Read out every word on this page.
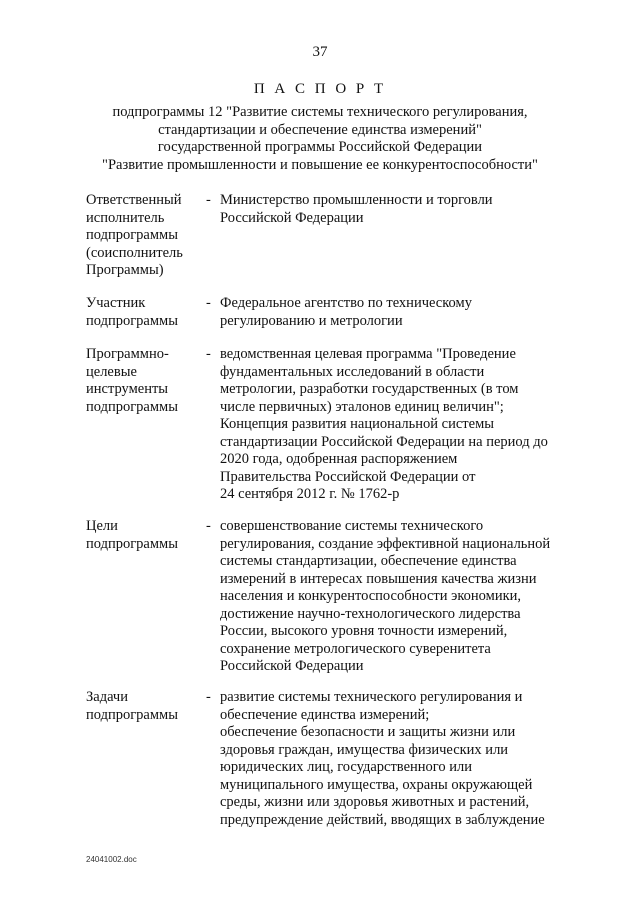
37
П А С П О Р Т
подпрограммы 12 "Развитие системы технического регулирования,
стандартизации и обеспечение единства измерений"
государственной программы Российской Федерации
"Развитие промышленности и повышение ее конкурентоспособности"
Ответственный
исполнитель
подпрограммы
(соисполнитель
Программы)
- Министерство промышленности и торговли
Российской Федерации
Участник
подпрограммы
- Федеральное агентство по техническому
регулированию и метрологии
Программно-
целевые
инструменты
подпрограммы
- ведомственная целевая программа "Проведение
фундаментальных исследований в области
метрологии, разработки государственных (в том
числе первичных) эталонов единиц величин";
Концепция развития национальной системы
стандартизации Российской Федерации на период до
2020 года, одобренная распоряжением
Правительства Российской Федерации от
24 сентября 2012 г. № 1762-р
Цели
подпрограммы
- совершенствование системы технического
регулирования, создание эффективной национальной
системы стандартизации, обеспечение единства
измерений в интересах повышения качества жизни
населения и конкурентоспособности экономики,
достижение научно-технологического лидерства
России, высокого уровня точности измерений,
сохранение метрологического суверенитета
Российской Федерации
Задачи
подпрограммы
- развитие системы технического регулирования и
обеспечение единства измерений;
обеспечение безопасности и защиты жизни или
здоровья граждан, имущества физических или
юридических лиц, государственного или
муниципального имущества, охраны окружающей
среды, жизни или здоровья животных и растений,
предупреждение действий, вводящих в заблуждение
24041002.doc
